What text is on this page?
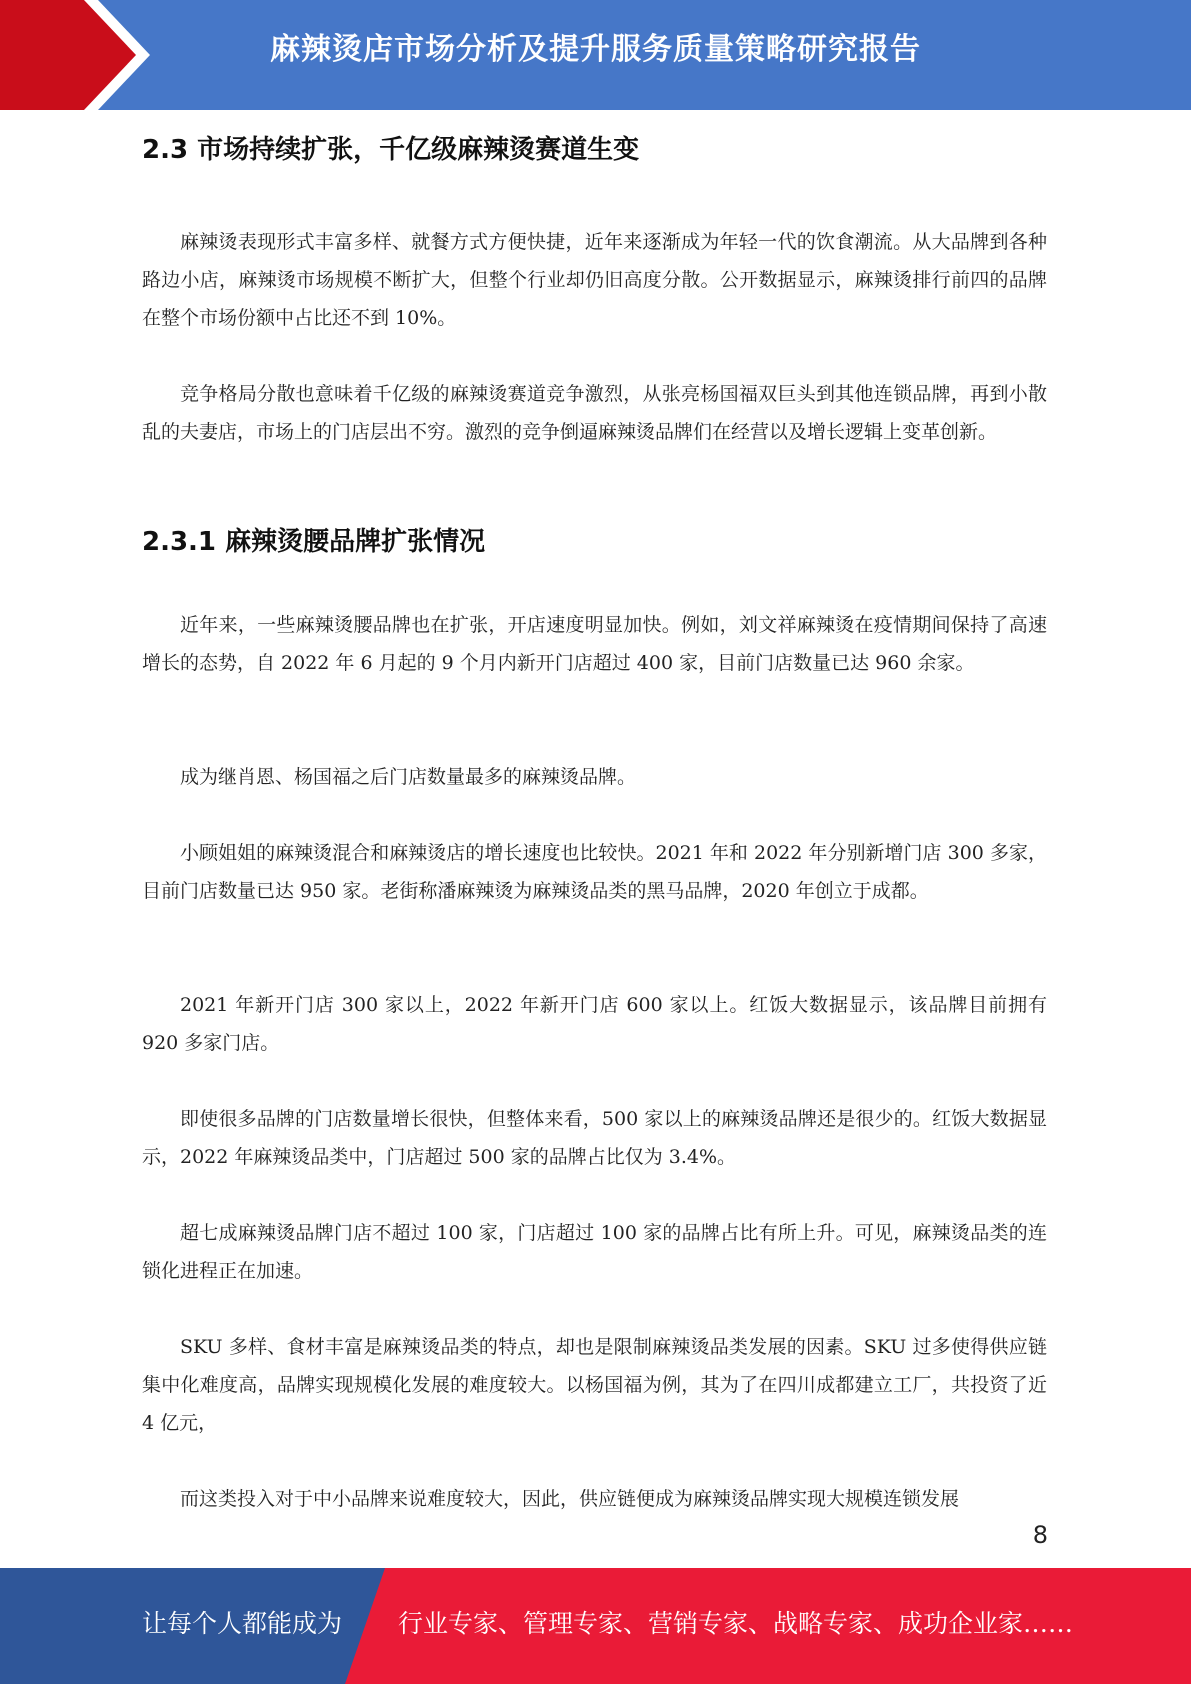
麻辣烫店市场分析及提升服务质量策略研究报告
2.3 市场持续扩张，千亿级麻辣烫赛道生变

麻辣烫表现形式丰富多样、就餐方式方便快捷，近年来逐渐成为年轻一代的饮食潮流。从大品牌到各种路边小店，麻辣烫市场规模不断扩大，但整个行业却仍旧高度分散。公开数据显示，麻辣烫排行前四的品牌在整个市场份额中占比还不到 10%。

竞争格局分散也意味着千亿级的麻辣烫赛道竞争激烈，从张亮杨国福双巨头到其他连锁品牌，再到小散乱的夫妻店，市场上的门店层出不穷。激烈的竞争倒逼麻辣烫品牌们在经营以及增长逻辑上变革创新。

2.3.1 麻辣烫腰品牌扩张情况

近年来，一些麻辣烫腰品牌也在扩张，开店速度明显加快。例如，刘文祥麻辣烫在疫情期间保持了高速增长的态势，自 2022 年 6 月起的 9 个月内新开门店超过 400 家，目前门店数量已达 960 余家。

成为继肖恩、杨国福之后门店数量最多的麻辣烫品牌。

小顾姐姐的麻辣烫混合和麻辣烫店的增长速度也比较快。2021 年和 2022 年分别新增门店 300 多家，目前门店数量已达 950 家。老街称潘麻辣烫为麻辣烫品类的黑马品牌，2020 年创立于成都。

2021 年新开门店 300 家以上，2022 年新开门店 600 家以上。红饭大数据显示，该品牌目前拥有 920 多家门店。

即使很多品牌的门店数量增长很快，但整体来看，500 家以上的麻辣烫品牌还是很少的。红饭大数据显示，2022 年麻辣烫品类中，门店超过 500 家的品牌占比仅为 3.4%。

超七成麻辣烫品牌门店不超过 100 家，门店超过 100 家的品牌占比有所上升。可见，麻辣烫品类的连锁化进程正在加速。

SKU 多样、食材丰富是麻辣烫品类的特点，却也是限制麻辣烫品类发展的因素。SKU 过多使得供应链集中化难度高，品牌实现规模化发展的难度较大。以杨国福为例，其为了在四川成都建立工厂，共投资了近 4 亿元，

而这类投入对于中小品牌来说难度较大，因此，供应链便成为麻辣烫品牌实现大规模连锁发展

8
让每个人都能成为 行业专家、管理专家、营销专家、战略专家、成功企业家……
